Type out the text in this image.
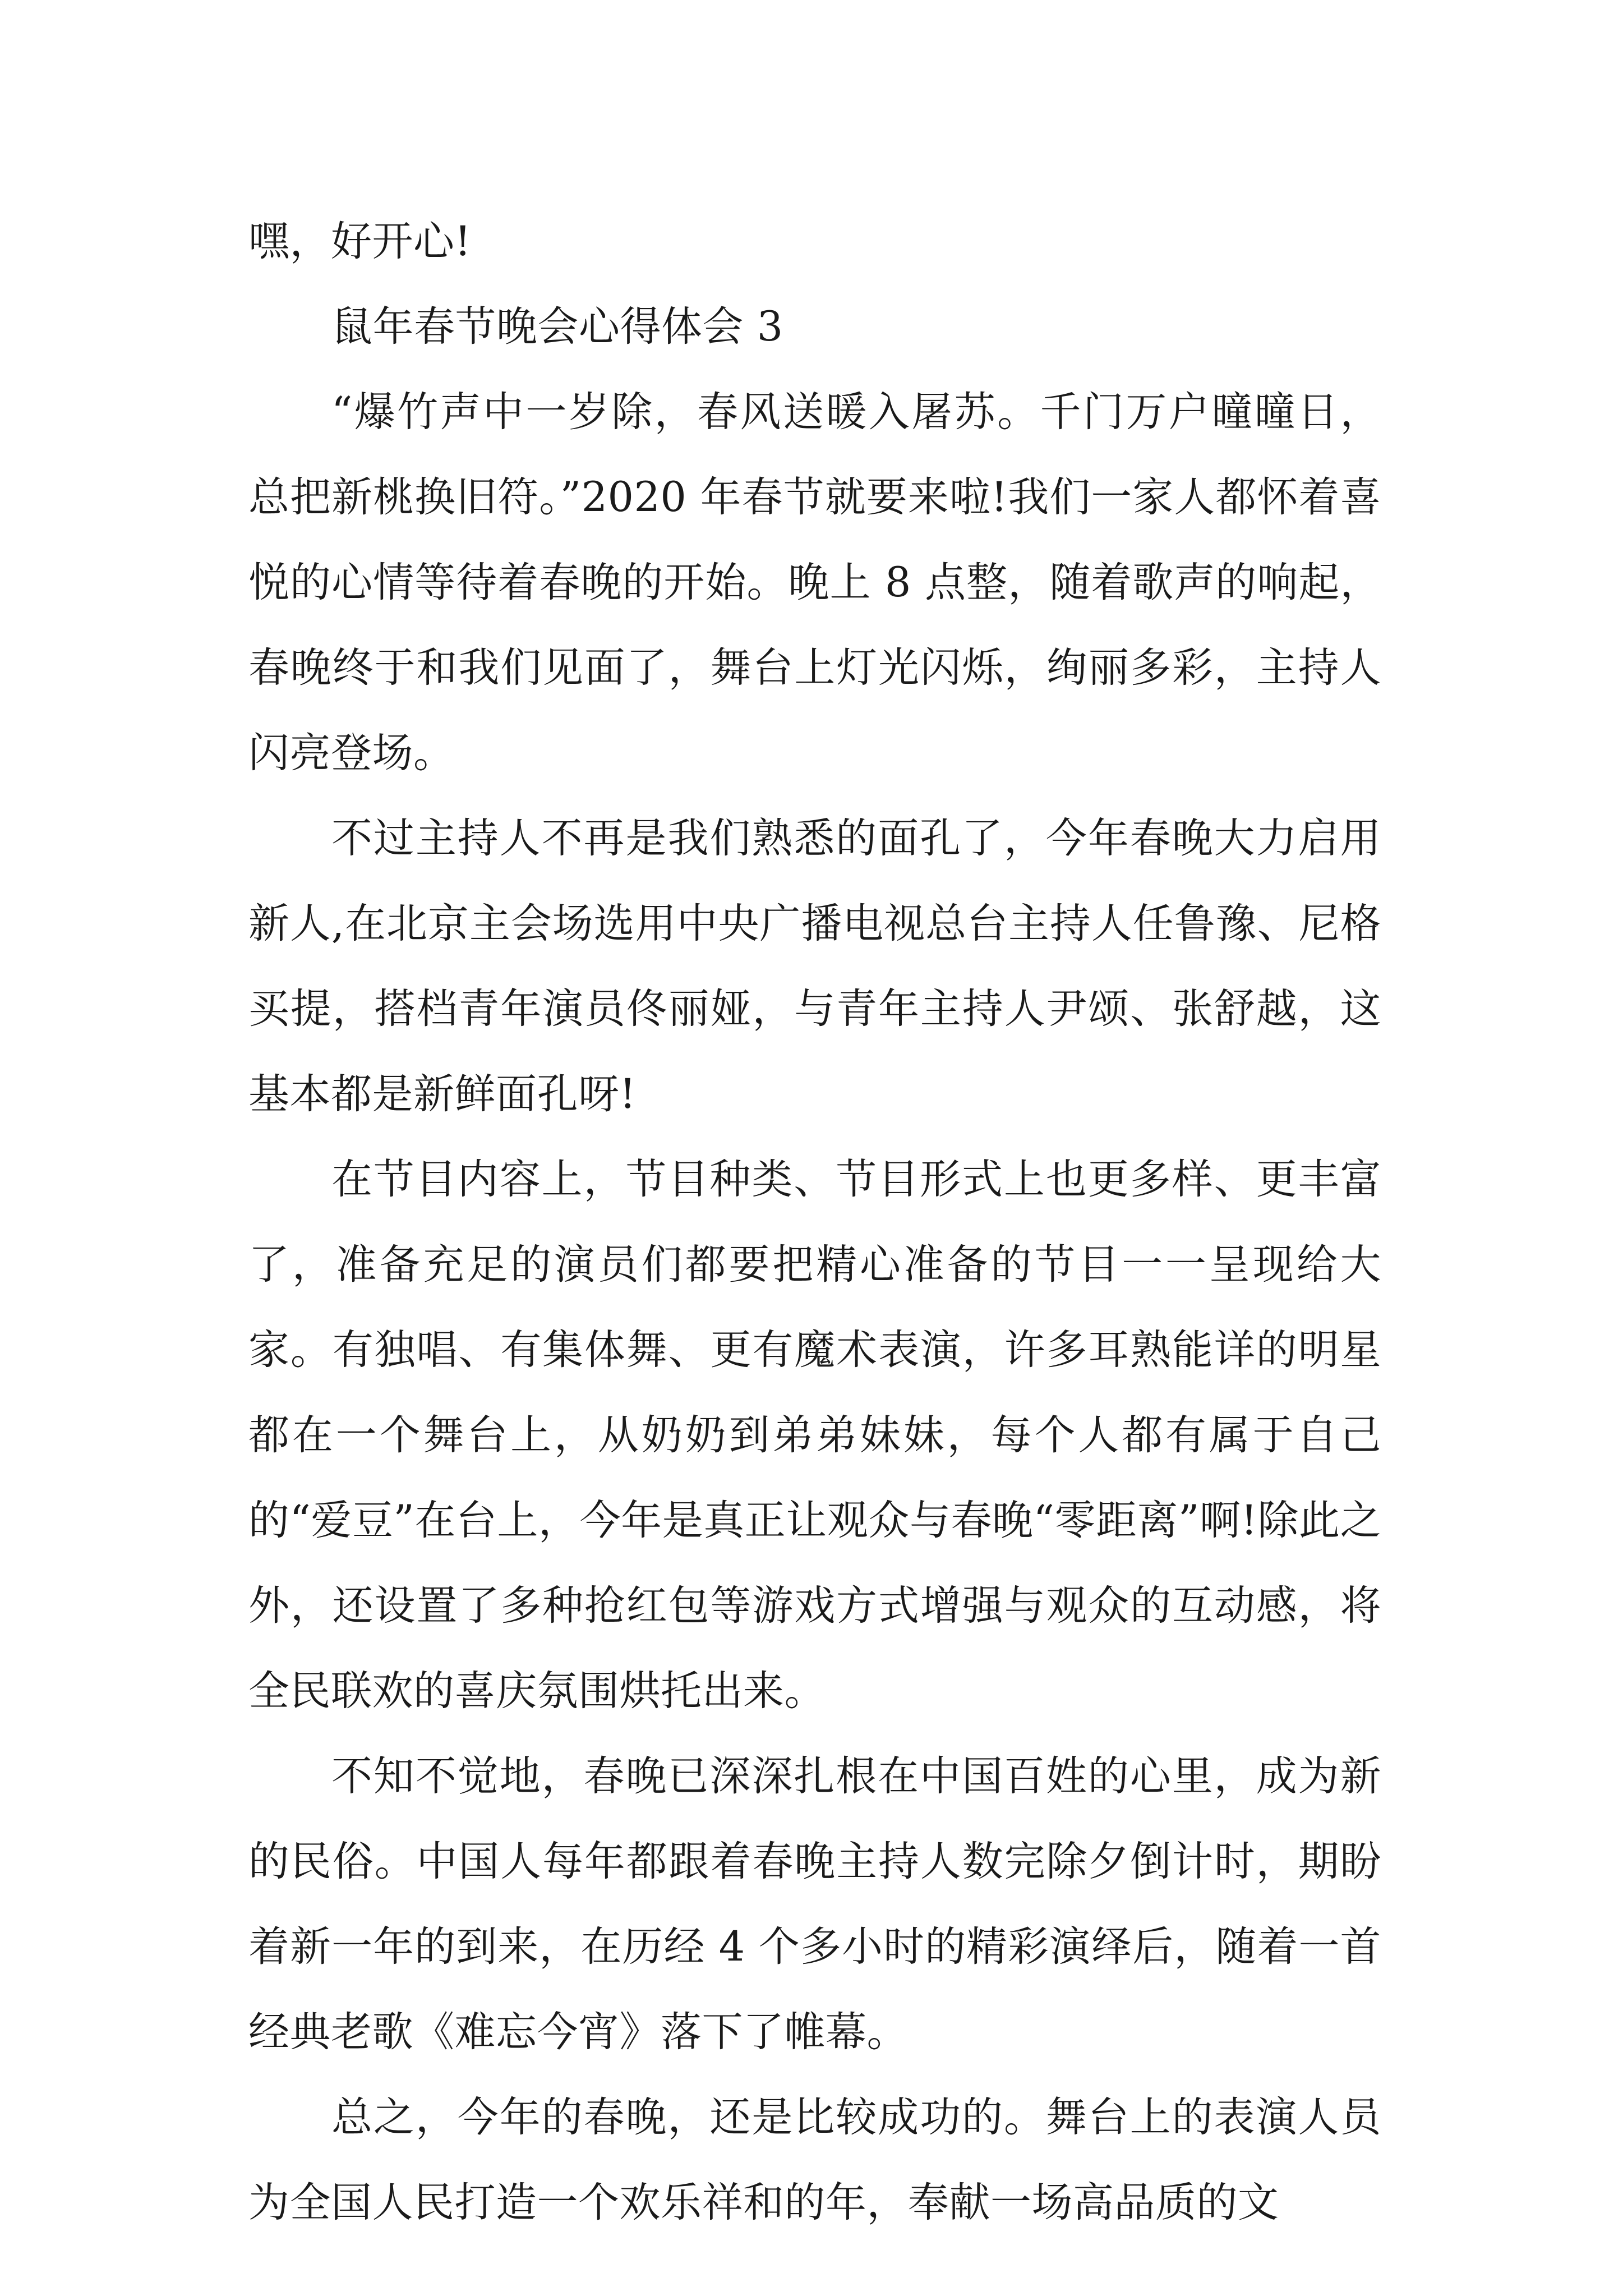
嘿，好开心!

鼠年春节晚会心得体会 3

“爆竹声中一岁除，春风送暖入屠苏。千门万户曈曈日，总把新桃换旧符。”2020 年春节就要来啦!我们一家人都怀着喜悦的心情等待着春晚的开始。晚上 8 点整，随着歌声的响起，春晚终于和我们见面了，舞台上灯光闪烁，绚丽多彩，主持人闪亮登场。

不过主持人不再是我们熟悉的面孔了，今年春晚大力启用新人,在北京主会场选用中央广播电视总台主持人任鲁豫、尼格买提，搭档青年演员佟丽娅，与青年主持人尹颂、张舒越，这基本都是新鲜面孔呀!

在节目内容上，节目种类、节目形式上也更多样、更丰富了，准备充足的演员们都要把精心准备的节目一一呈现给大家。有独唱、有集体舞、更有魔术表演，许多耳熟能详的明星都在一个舞台上，从奶奶到弟弟妹妹，每个人都有属于自己的“爱豆”在台上，今年是真正让观众与春晚“零距离”啊!除此之外，还设置了多种抢红包等游戏方式增强与观众的互动感，将全民联欢的喜庆氛围烘托出来。

不知不觉地，春晚已深深扎根在中国百姓的心里，成为新的民俗。中国人每年都跟着春晚主持人数完除夕倒计时，期盼着新一年的到来，在历经 4 个多小时的精彩演绎后，随着一首经典老歌《难忘今宵》落下了帷幕。

总之，今年的春晚，还是比较成功的。舞台上的表演人员为全国人民打造一个欢乐祥和的年，奉献一场高品质的文
